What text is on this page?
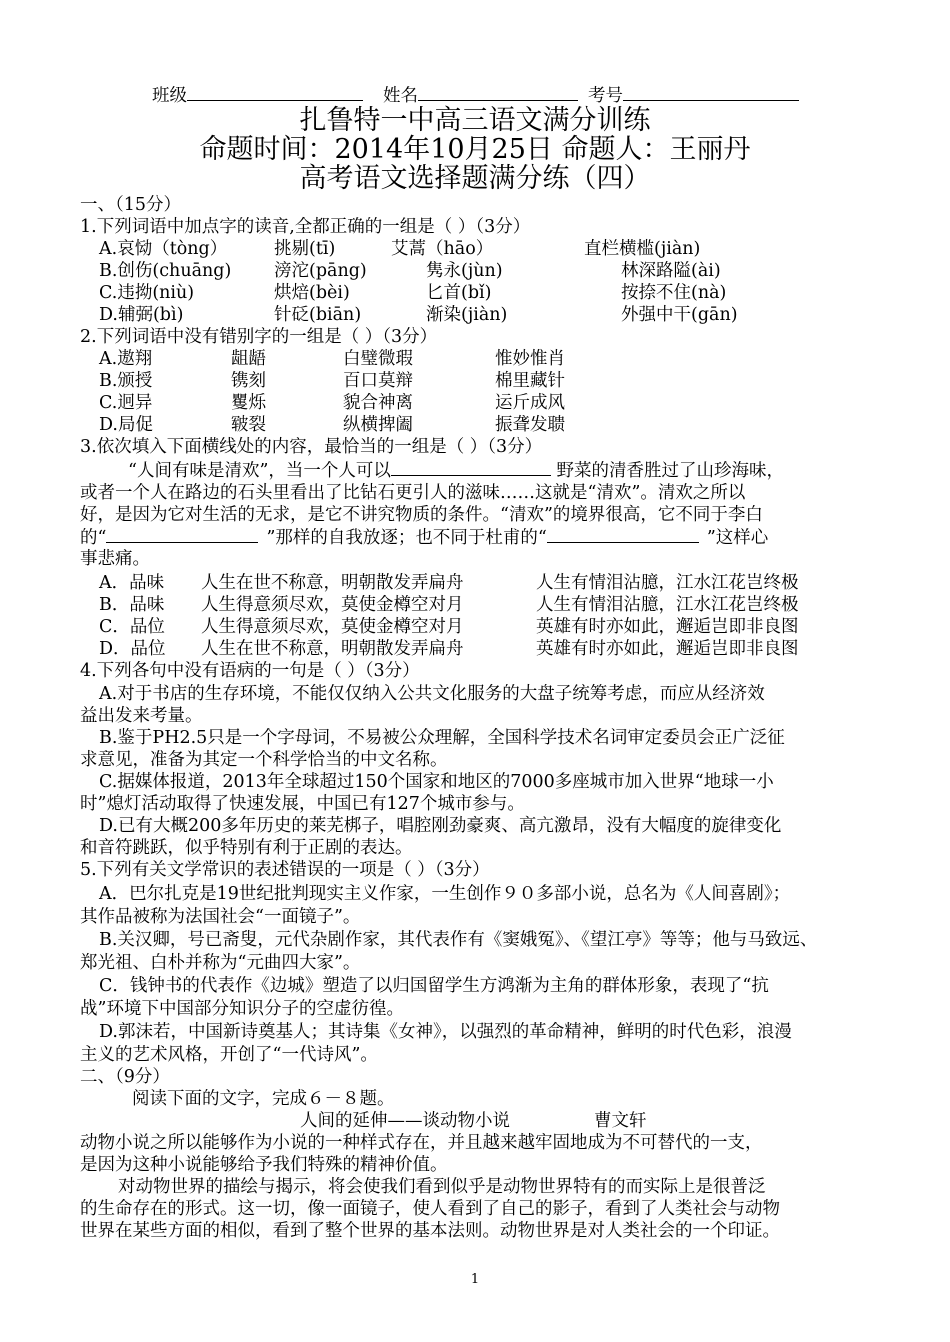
班级	姓名	考号
扎鲁特一中高三语文满分训练
命题时间：2014年10月25日 命题人：王丽丹
高考语文选择题满分练（四）
一、（15分）
1.下列词语中加点字的读音,全都正确的一组是（ ）（3分）
A.哀恸（tòng）	挑剔(tī)	艾蒿（hāo）	直栏横槛(jiàn)
B.创伤(chuāng) 滂沱(pāng)	隽永(jùn)	林深路隘(ài)
C.违拗(niù)	烘焙(bèi)	匕首(bǐ)	按捺不住(nà)
D.辅弼(bì)	针砭(biān)	渐染(jiàn)	外强中干(gān)
2.下列词语中没有错别字的一组是（ ）（3分）
A.遨翔	龃龉	白璧微瑕	惟妙惟肖
B.颁授	镌刻	百口莫辩	棉里藏针
C.迥异	矍烁	貌合神离	运斤成风
D.局促	皲裂	纵横捭阖	振聋发聩
3.依次填入下面横线处的内容，最恰当的一组是（ ）（3分）
“人间有味是清欢”，当一个人可以	野菜的清香胜过了山珍海味，
或者一个人在路边的石头里看出了比钻石更引人的滋味……这就是“清欢”。清欢之所以
好，是因为它对生活的无求，是它不讲究物质的条件。“清欢”的境界很高，它不同于李白
的“	”那样的自我放逐；也不同于杜甫的“	”这样心
事悲痛。
A．品味 人生在世不称意，明朝散发弄扁舟	人生有情泪沾臆，江水江花岂终极
B．品味 人生得意须尽欢，莫使金樽空对月	人生有情泪沾臆，江水江花岂终极
C．品位 人生得意须尽欢，莫使金樽空对月	英雄有时亦如此，邂逅岂即非良图
D．品位 人生在世不称意，明朝散发弄扁舟	英雄有时亦如此，邂逅岂即非良图
4.下列各句中没有语病的一句是（ ）（3分）
A.对于书店的生存环境，不能仅仅纳入公共文化服务的大盘子统筹考虑，而应从经济效
益出发来考量。
B.鉴于PH2.5只是一个字母词，不易被公众理解，全国科学技术名词审定委员会正广泛征
求意见，准备为其定一个科学恰当的中文名称。
C.据媒体报道，2013年全球超过150个国家和地区的7000多座城市加入世界“地球一小
时”熄灯活动取得了快速发展，中国已有127个城市参与。
D.已有大概200多年历史的莱芜梆子，唱腔刚劲豪爽、高亢激昂，没有大幅度的旋律变化
和音符跳跃，似乎特别有利于正剧的表达。
5.下列有关文学常识的表述错误的一项是（ ）（3分）
A．巴尔扎克是19世纪批判现实主义作家，一生创作９０多部小说，总名为《人间喜剧》；
其作品被称为法国社会“一面镜子”。
B.关汉卿，号已斋叟，元代杂剧作家，其代表作有《窦娥冤》、《望江亭》等等；他与马致远、
郑光祖、白朴并称为“元曲四大家”。
C．钱钟书的代表作《边城》塑造了以归国留学生方鸿渐为主角的群体形象，表现了“抗
战”环境下中国部分知识分子的空虚彷徨。
D.郭沫若，中国新诗奠基人；其诗集《女神》，以强烈的革命精神，鲜明的时代色彩，浪漫
主义的艺术风格，开创了“一代诗风”。
二、（9分）
阅读下面的文字，完成６－８题。
人间的延伸——谈动物小说	曹文轩
动物小说之所以能够作为小说的一种样式存在，并且越来越牢固地成为不可替代的一支，
是因为这种小说能够给予我们特殊的精神价值。
对动物世界的描绘与揭示，将会使我们看到似乎是动物世界特有的而实际上是很普泛
的生命存在的形式。这一切，像一面镜子，使人看到了自己的影子，看到了人类社会与动物
世界在某些方面的相似，看到了整个世界的基本法则。动物世界是对人类社会的一个印证。
1
